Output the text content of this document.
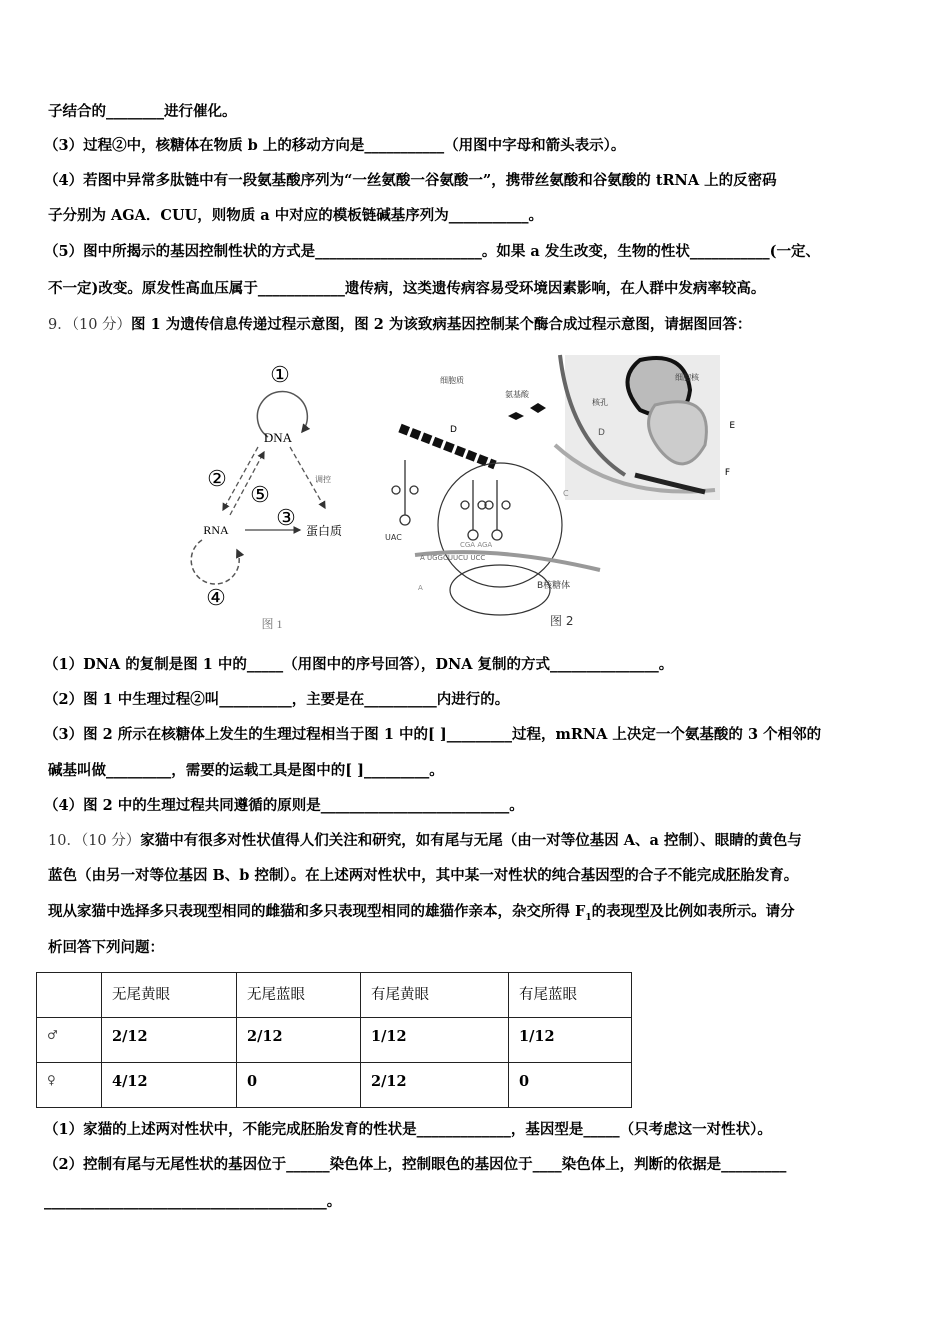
子结合的________进行催化。
（3）过程②中，核糖体在物质 b 上的移动方向是___________（用图中字母和箭头表示）。
（4）若图中异常多肽链中有一段氨基酸序列为“一丝氨酸一谷氨酸一”，携带丝氨酸和谷氨酸的 tRNA 上的反密码
子分别为 AGA．CUU，则物质 a 中对应的模板链碱基序列为___________。
（5）图中所揭示的基因控制性状的方式是_______________________。如果 a 发生改变，生物的性状___________(一定、
不一定)改变。原发性高血压属于____________遗传病，这类遗传病容易受环境因素影响，在人群中发病率较高。
9．（10 分）图 1 为遗传信息传递过程示意图，图 2 为该致病基因控制某个酶合成过程示意图，请据图回答：
①
DNA
调控
②
⑤
③
RNA	蛋白质
④
图 1
细胞质
氨基酸
细胞核
核孔
D	D
E
F
UAC
CGA AGA
A UGGCUUCU UCC
C
A	B核糖体
图 2
（1）DNA 的复制是图 1 中的_____（用图中的序号回答），DNA 复制的方式_______________。
（2）图 1 中生理过程②叫__________，主要是在__________内进行的。
（3）图 2 所示在核糖体上发生的生理过程相当于图 1 中的[ ]_________过程，mRNA 上决定一个氨基酸的 3 个相邻的
碱基叫做_________，需要的运载工具是图中的[ ]_________。
（4）图 2 中的生理过程共同遵循的原则是__________________________。
10．（10 分）家猫中有很多对性状值得人们关注和研究，如有尾与无尾（由一对等位基因 A、a 控制）、眼睛的黄色与
蓝色（由另一对等位基因 B、b 控制）。在上述两对性状中，其中某一对性状的纯合基因型的合子不能完成胚胎发育。
现从家猫中选择多只表现型相同的雌猫和多只表现型相同的雄猫作亲本，杂交所得 $F_1$的表现型及比例如表所示。请分
析回答下列问题：
	无尾黄眼	无尾蓝眼	有尾黄眼	有尾蓝眼
♂	2/12	2/12	1/12	1/12
♀	4/12	0	2/12	0
（1）家猫的上述两对性状中，不能完成胚胎发育的性状是_____________，基因型是_____（只考虑这一对性状）。
（2）控制有尾与无尾性状的基因位于______染色体上，控制眼色的基因位于____染色体上，判断的依据是_________
_______________________________________。
